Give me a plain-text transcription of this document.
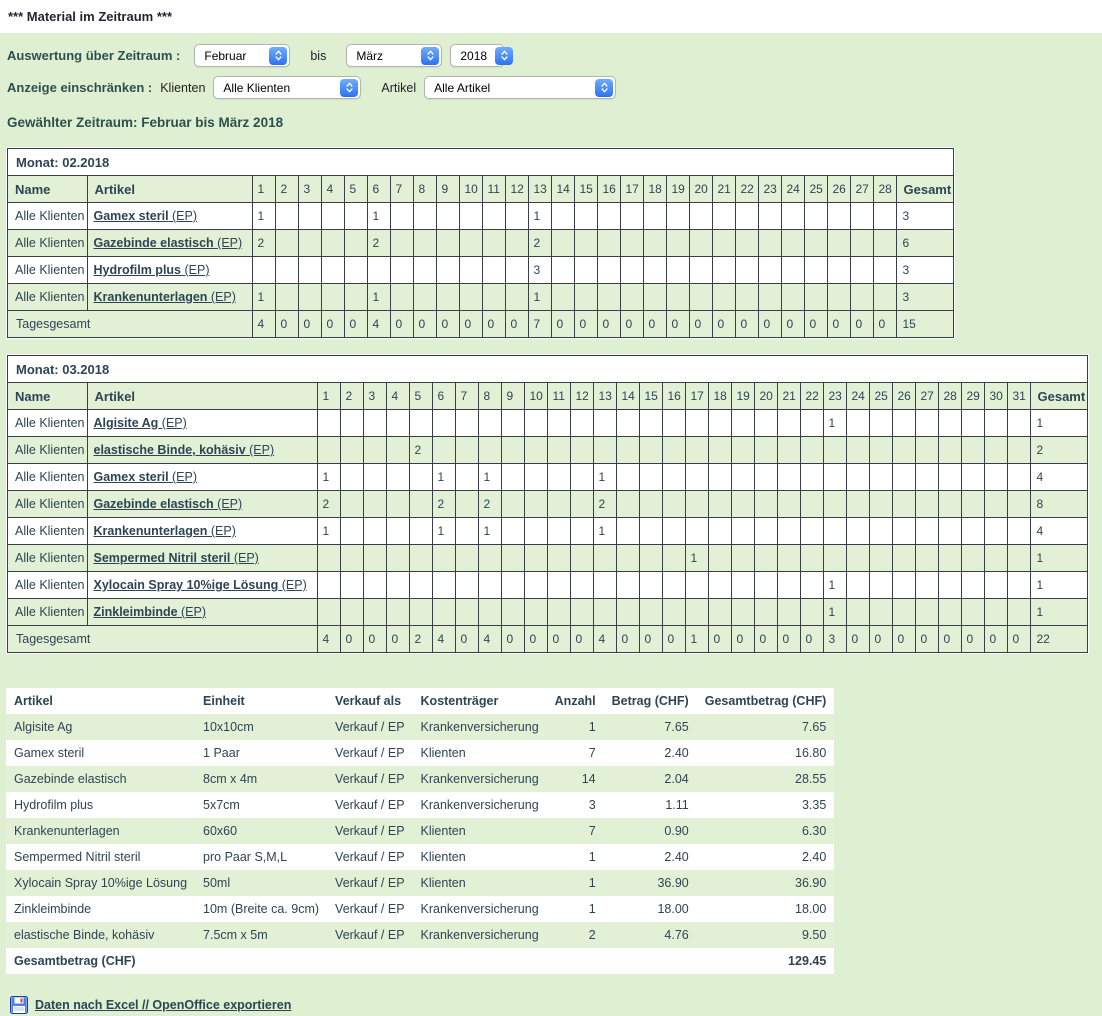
*** Material im Zeitraum ***
Auswertung über Zeitraum : Februar	bis	März	2018
Anzeige einschränken : Klienten Alle Klienten	Artikel Alle Artikel
Gewählter Zeitraum: Februar bis März 2018
Monat: 02.2018																														
Name	Artikel	1	2	3	4	5	6	7	8	9	10	11	12	13	14	15	16	17	18	19	20	21	22	23	24	25	26	27	28	Gesamt
Alle Klienten	Gamex steril (EP)	1					1							1																3
Alle Klienten	Gazebinde elastisch (EP)	2					2							2																6
Alle Klienten	Hydrofilm plus (EP)													3																3
Alle Klienten	Krankenunterlagen (EP)	1					1							1																3
Tagesgesamt		4	0	0	0	0	4	0	0	0	0	0	0	7	0	0	0	0	0	0	0	0	0	0	0	0	0	0	0	15

Monat: 03.2018																																	
Name	Artikel	1	2	3	4	5	6	7	8	9	10	11	12	13	14	15	16	17	18	19	20	21	22	23	24	25	26	27	28	29	30	31	Gesamt
Alle Klienten	Algisite Ag (EP)																							1									1
Alle Klienten	elastische Binde, kohäsiv (EP)					2																											2
Alle Klienten	Gamex steril (EP)	1					1		1					1																			4
Alle Klienten	Gazebinde elastisch (EP)	2					2		2					2																			8
Alle Klienten	Krankenunterlagen (EP)	1					1		1					1																			4
Alle Klienten	Sempermed Nitril steril (EP)																	1															1
Alle Klienten	Xylocain Spray 10%ige Lösung (EP)																							1									1
Alle Klienten	Zinkleimbinde (EP)																							1									1
Tagesgesamt		4	0	0	0	2	4	0	4	0	0	0	0	4	0	0	0	1	0	0	0	0	0	3	0	0	0	0	0	0	0	0	22

Artikel	Einheit	Verkauf als	Kostenträger	Anzahl	Betrag (CHF)	Gesamtbetrag (CHF)
Algisite Ag	10x10cm	Verkauf / EP	Krankenversicherung	1	7.65	7.65
Gamex steril	1 Paar	Verkauf / EP	Klienten	7	2.40	16.80
Gazebinde elastisch	8cm x 4m	Verkauf / EP	Krankenversicherung	14	2.04	28.55
Hydrofilm plus	5x7cm	Verkauf / EP	Krankenversicherung	3	1.11	3.35
Krankenunterlagen	60x60	Verkauf / EP	Klienten	7	0.90	6.30
Sempermed Nitril steril	pro Paar S,M,L	Verkauf / EP	Klienten	1	2.40	2.40
Xylocain Spray 10%ige Lösung	50ml	Verkauf / EP	Klienten	1	36.90	36.90
Zinkleimbinde	10m (Breite ca. 9cm)	Verkauf / EP	Krankenversicherung	1	18.00	18.00
elastische Binde, kohäsiv	7.5cm x 5m	Verkauf / EP	Krankenversicherung	2	4.76	9.50
Gesamtbetrag (CHF)						129.45
Daten nach Excel // OpenOffice exportieren
